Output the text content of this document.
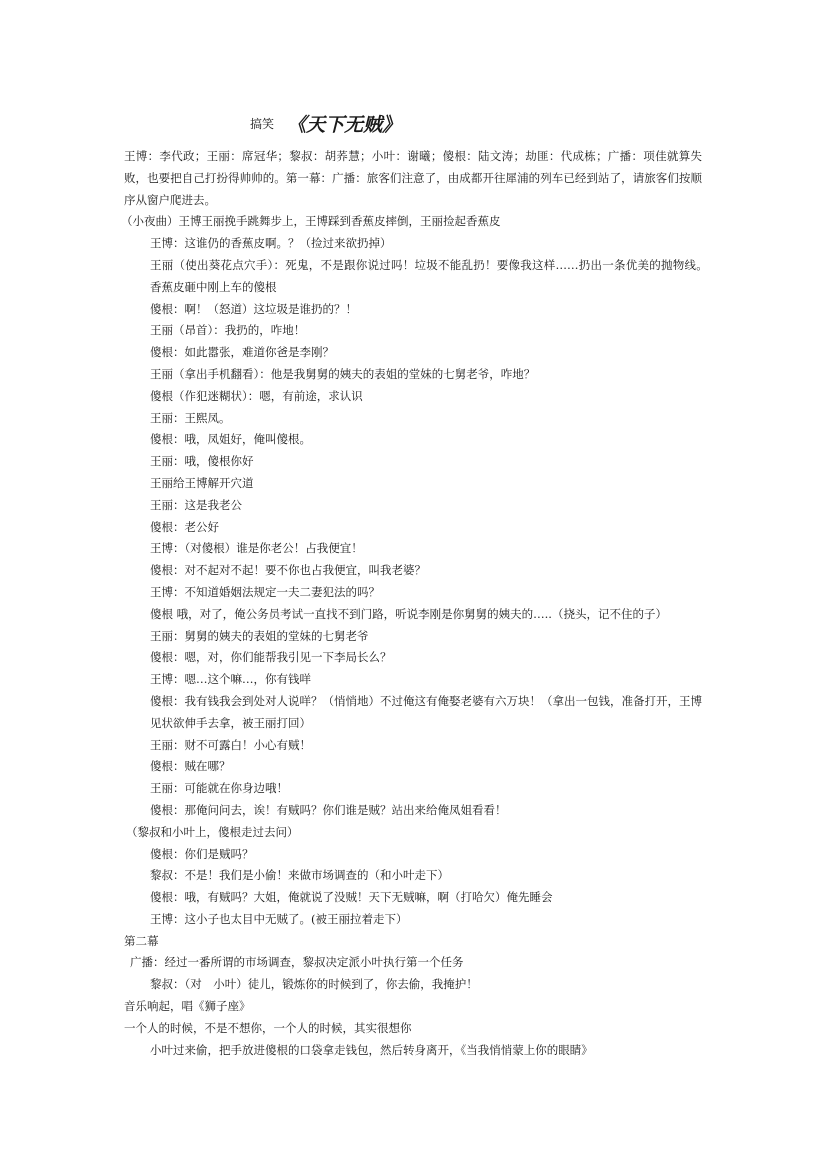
搞笑 《天下无贼》
王博：李代政；王丽：席冠华；黎叔：胡荞慧；小叶：谢曦；傻根：陆文涛；劫匪：代成栋；广播：项佳就算失败，也要把自己打扮得帅帅的。第一幕：广播：旅客们注意了，由成都开往犀浦的列车已经到站了，请旅客们按顺序从窗户爬进去。
（小夜曲）王博王丽挽手跳舞步上，王博踩到香蕉皮摔倒，王丽捡起香蕉皮
王博：这谁仍的香蕉皮啊。？（捡过来欲扔掉）
王丽（使出葵花点穴手）：死鬼，不是跟你说过吗！垃圾不能乱扔！要像我这样……扔出一条优美的抛物线。　香蕉皮砸中刚上车的傻根
傻根：啊！（怒道）这垃圾是谁扔的？！
王丽（昂首）：我扔的，咋地！
傻根：如此嚣张，难道你爸是李刚？
王丽（拿出手机翻看）：他是我舅舅的姨夫的表姐的堂妹的七舅老爷，咋地？
傻根（作犯迷糊状）：嗯，有前途，求认识
王丽：王熙凤。
傻根：哦，凤姐好，俺叫傻根。
王丽：哦，傻根你好
王丽给王博解开穴道
王丽：这是我老公
傻根：老公好
王博：（对傻根）谁是你老公！占我便宜！
傻根：对不起对不起！要不你也占我便宜，叫我老婆？
王博：不知道婚姻法规定一夫二妻犯法的吗？
傻根 哦，对了，俺公务员考试一直找不到门路，听说李刚是你舅舅的姨夫的…..（挠头，记不住的子）
王丽：舅舅的姨夫的表姐的堂妹的七舅老爷
傻根：嗯，对，你们能帮我引见一下李局长么？
王博：嗯…这个嘛…，你有钱咩
傻根：我有钱我会到处对人说咩？（悄悄地）不过俺这有俺娶老婆有六万块！（拿出一包钱，准备打开，王博见状欲伸手去拿，被王丽打回）
王丽：财不可露白！小心有贼！
傻根：贼在哪？
王丽：可能就在你身边哦！
傻根：那俺问问去，诶！有贼吗？你们谁是贼？站出来给俺凤姐看看！
（黎叔和小叶上，傻根走过去问）
傻根：你们是贼吗？
黎叔：不是！我们是小偷！来做市场调查的（和小叶走下）
傻根：哦，有贼吗？大姐，俺就说了没贼！天下无贼嘛，啊（打哈欠）俺先睡会
王博：这小子也太目中无贼了。(被王丽拉着走下）
第二幕
广播：经过一番所谓的市场调查，黎叔决定派小叶执行第一个任务
黎叔：（对　小叶）徒儿，锻炼你的时候到了，你去偷，我掩护！
音乐响起，唱《狮子座》
一个人的时候，不是不想你，一个人的时候，其实很想你
小叶过来偷，把手放进傻根的口袋拿走钱包，然后转身离开，《当我悄悄蒙上你的眼睛》
